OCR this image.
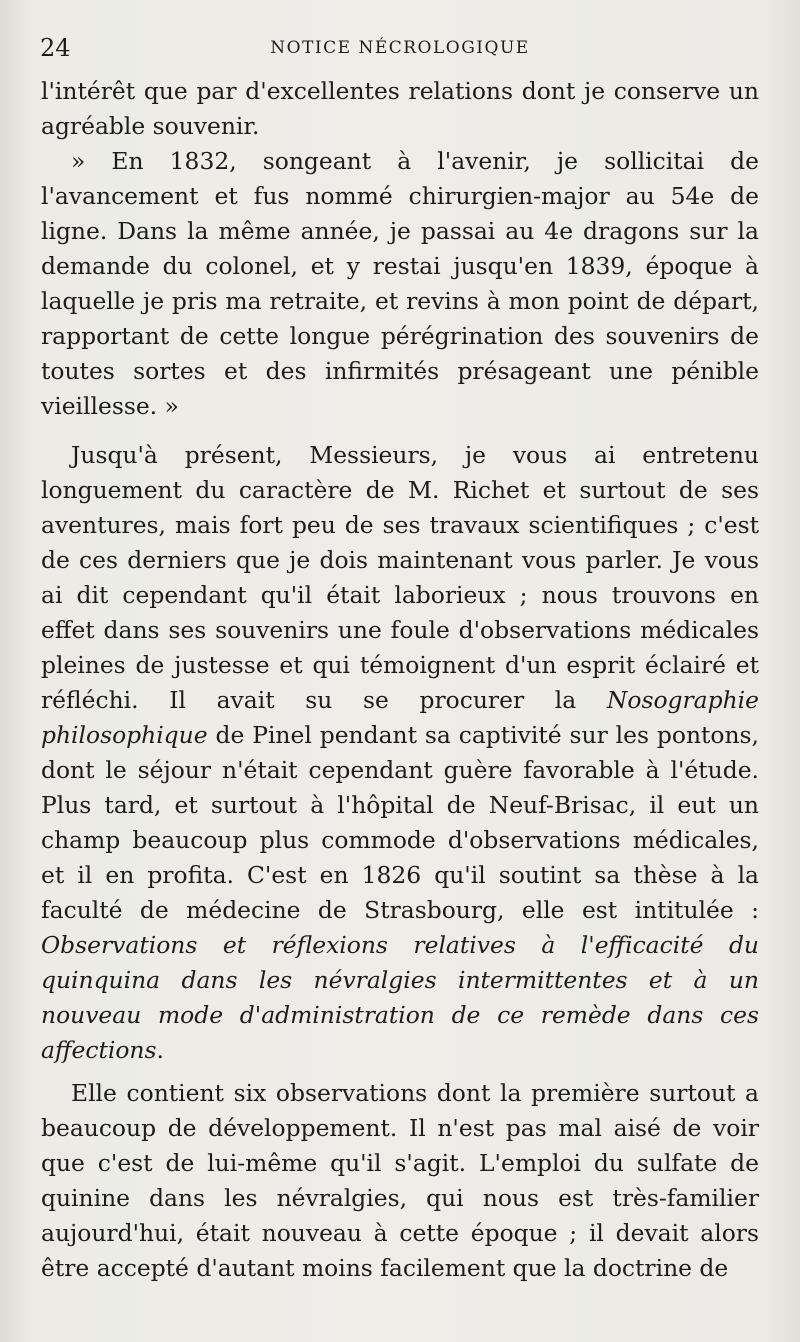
24	NOTICE NÉCROLOGIQUE

l'intérêt que par d'excellentes relations dont je conserve un agréable souvenir.

» En 1832, songeant à l'avenir, je sollicitai de l'avancement et fus nommé chirurgien-major au 54e de ligne. Dans la même année, je passai au 4e dragons sur la demande du colonel, et y restai jusqu'en 1839, époque à laquelle je pris ma retraite, et revins à mon point de départ, rapportant de cette longue pérégrination des souvenirs de toutes sortes et des infirmités présageant une pénible vieillesse. »

Jusqu'à présent, Messieurs, je vous ai entretenu longuement du caractère de M. Richet et surtout de ses aventures, mais fort peu de ses travaux scientifiques ; c'est de ces derniers que je dois maintenant vous parler. Je vous ai dit cependant qu'il était laborieux ; nous trouvons en effet dans ses souvenirs une foule d'observations médicales pleines de justesse et qui témoignent d'un esprit éclairé et réfléchi. Il avait su se procurer la Nosographie philosophique de Pinel pendant sa captivité sur les pontons, dont le séjour n'était cependant guère favorable à l'étude. Plus tard, et surtout à l'hôpital de Neuf-Brisac, il eut un champ beaucoup plus commode d'observations médicales, et il en profita. C'est en 1826 qu'il soutint sa thèse à la faculté de médecine de Strasbourg, elle est intitulée : Observations et réflexions relatives à l'efficacité du quinquina dans les névralgies intermittentes et à un nouveau mode d'administration de ce remède dans ces affections.

Elle contient six observations dont la première surtout a beaucoup de développement. Il n'est pas mal aisé de voir que c'est de lui-même qu'il s'agit. L'emploi du sulfate de quinine dans les névralgies, qui nous est très-familier aujourd'hui, était nouveau à cette époque ; il devait alors être accepté d'autant moins facilement que la doctrine de
